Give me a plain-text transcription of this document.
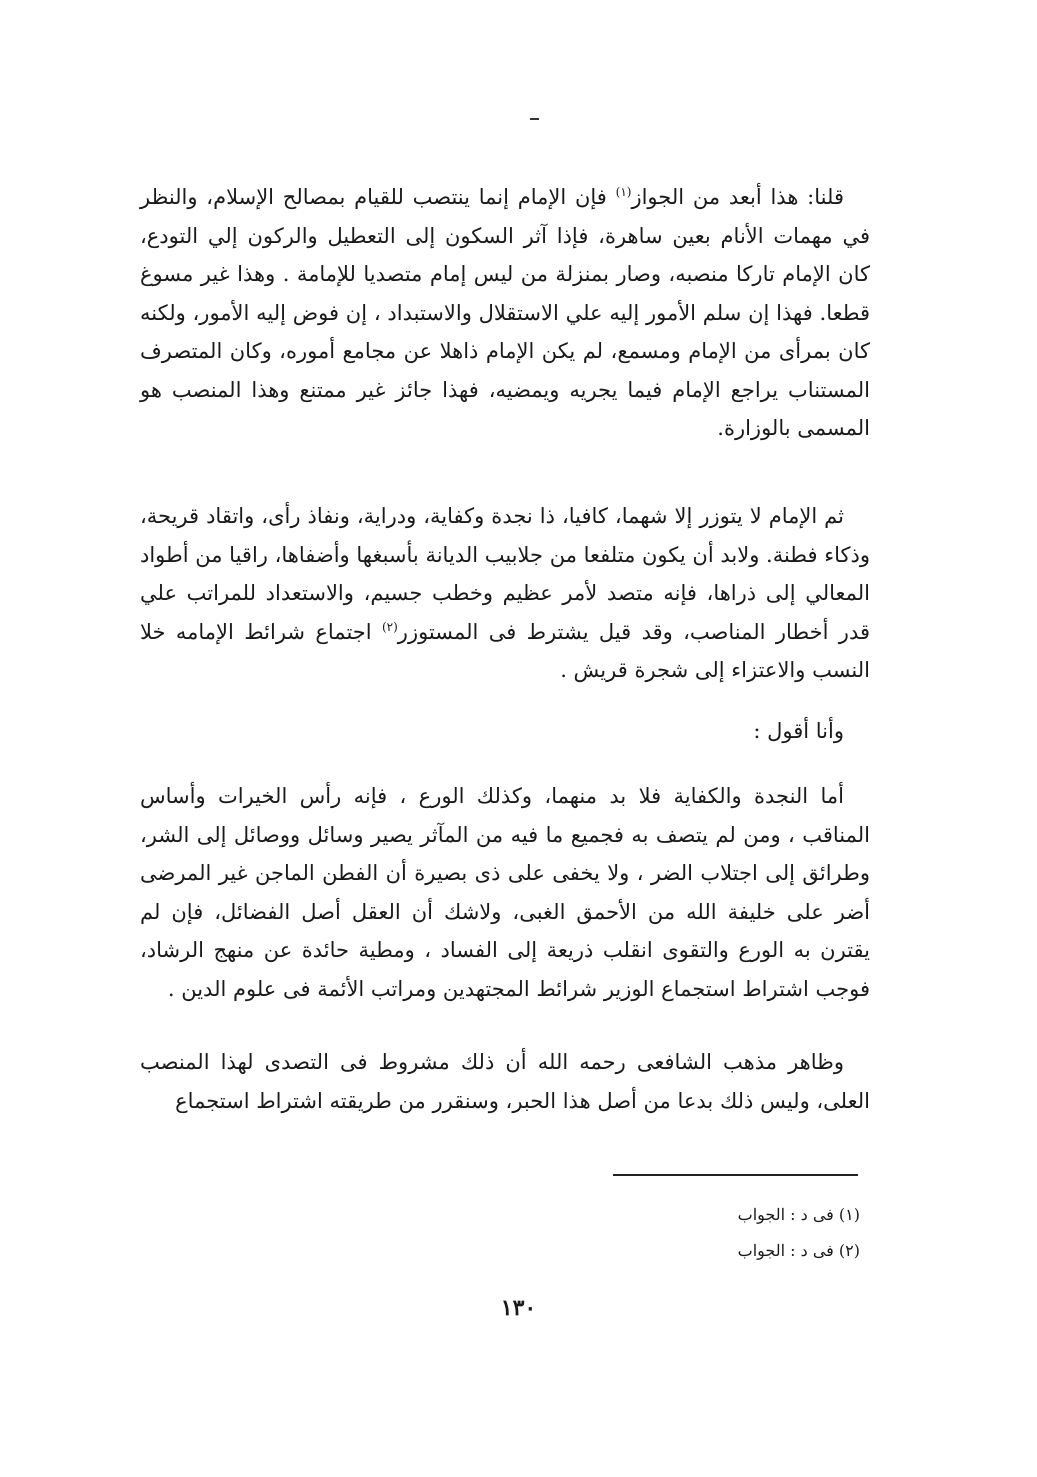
قلنا: هذا أبعد من الجواز$^{(١)}$ فإن الإمام إنما ينتصب للقيام بمصالح الإسلام، والنظر في مهمات الأنام بعين ساهرة، فإذا آثر السكون إلى التعطيل والركون إلي التودع، كان الإمام تاركا منصبه، وصار بمنزلة من ليس إمام متصديا للإمامة . وهذا غير مسوغ قطعا. فهذا إن سلم الأمور إليه علي الاستقلال والاستبداد ، إن فوض إليه الأمور، ولكنه كان بمرأى من الإمام ومسمع، لم يكن الإمام ذاهلا عن مجامع أموره، وكان المتصرف المستناب يراجع الإمام فيما يجريه ويمضيه، فهذا جائز غير ممتنع وهذا المنصب هو المسمى بالوزارة.

ثم الإمام لا يتوزر إلا شهما، كافيا، ذا نجدة وكفاية، ودراية، ونفاذ رأى، واتقاد قريحة، وذكاء فطنة. ولابد أن يكون متلفعا من جلابيب الديانة بأسبغها وأضفاها، راقيا من أطواد المعالي إلى ذراها، فإنه متصد لأمر عظيم وخطب جسيم، والاستعداد للمراتب علي قدر أخطار المناصب، وقد قيل يشترط فى المستوزر$^{(٢)}$ اجتماع شرائط الإمامه خلا النسب والاعتزاء إلى شجرة قريش .

وأنا أقول :

أما النجدة والكفاية فلا بد منهما، وكذلك الورع ، فإنه رأس الخيرات وأساس المناقب ، ومن لم يتصف به فجميع ما فيه من المآثر يصير وسائل ووصائل إلى الشر، وطرائق إلى اجتلاب الضر ، ولا يخفى على ذى بصيرة أن الفطن الماجن غير المرضى أضر على خليفة الله من الأحمق الغبى، ولاشك أن العقل أصل الفضائل، فإن لم يقترن به الورع والتقوى انقلب ذريعة إلى الفساد ، ومطية حائدة عن منهج الرشاد، فوجب اشتراط استجماع الوزير شرائط المجتهدين ومراتب الأئمة فى علوم الدين .

وظاهر مذهب الشافعى رحمه الله أن ذلك مشروط فى التصدى لهذا المنصب العلى، وليس ذلك بدعا من أصل هذا الحبر، وسنقرر من طريقته اشتراط استجماع

(١) فى د : الجواب
(٢) فى د : الجواب
١٣٠
